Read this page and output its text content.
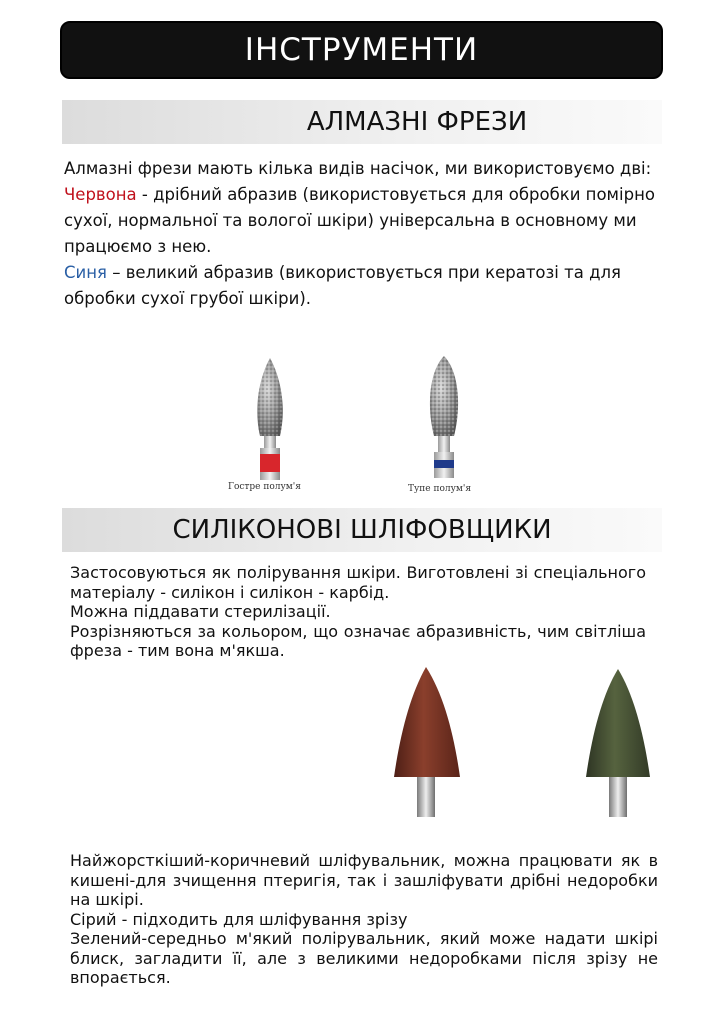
ІНСТРУМЕНТИ
АЛМАЗНІ ФРЕЗИ
Алмазні фрези мають кілька видів насічок, ми використовуємо дві:
Червона - дрібний абразив (використовується для обробки помірно сухої, нормальної та вологої шкіри) універсальна в основному ми працюємо з нею.
Синя – великий абразив (використовується при кератозі та для обробки сухої грубої шкіри).
Гостре полум'я	Тупе полум'я
СИЛІКОНОВІ ШЛІФОВЩИКИ
Застосовуються як полірування шкіри. Виготовлені зі спеціального матеріалу - силікон і силікон - карбід.
Можна піддавати стерилізації.
Розрізняються за кольором, що означає абразивність, чим світліша фреза - тим вона м'якша.
Найжорсткіший-коричневий шліфувальник, можна працювати як в кишені-для зчищення птеригія, так і зашліфувати дрібні недоробки на шкірі.
Сірий - підходить для шліфування зрізу
Зелений-середньо м'який полірувальник, який може надати шкірі блиск, загладити її, але з великими недоробками після зрізу не впорається.
